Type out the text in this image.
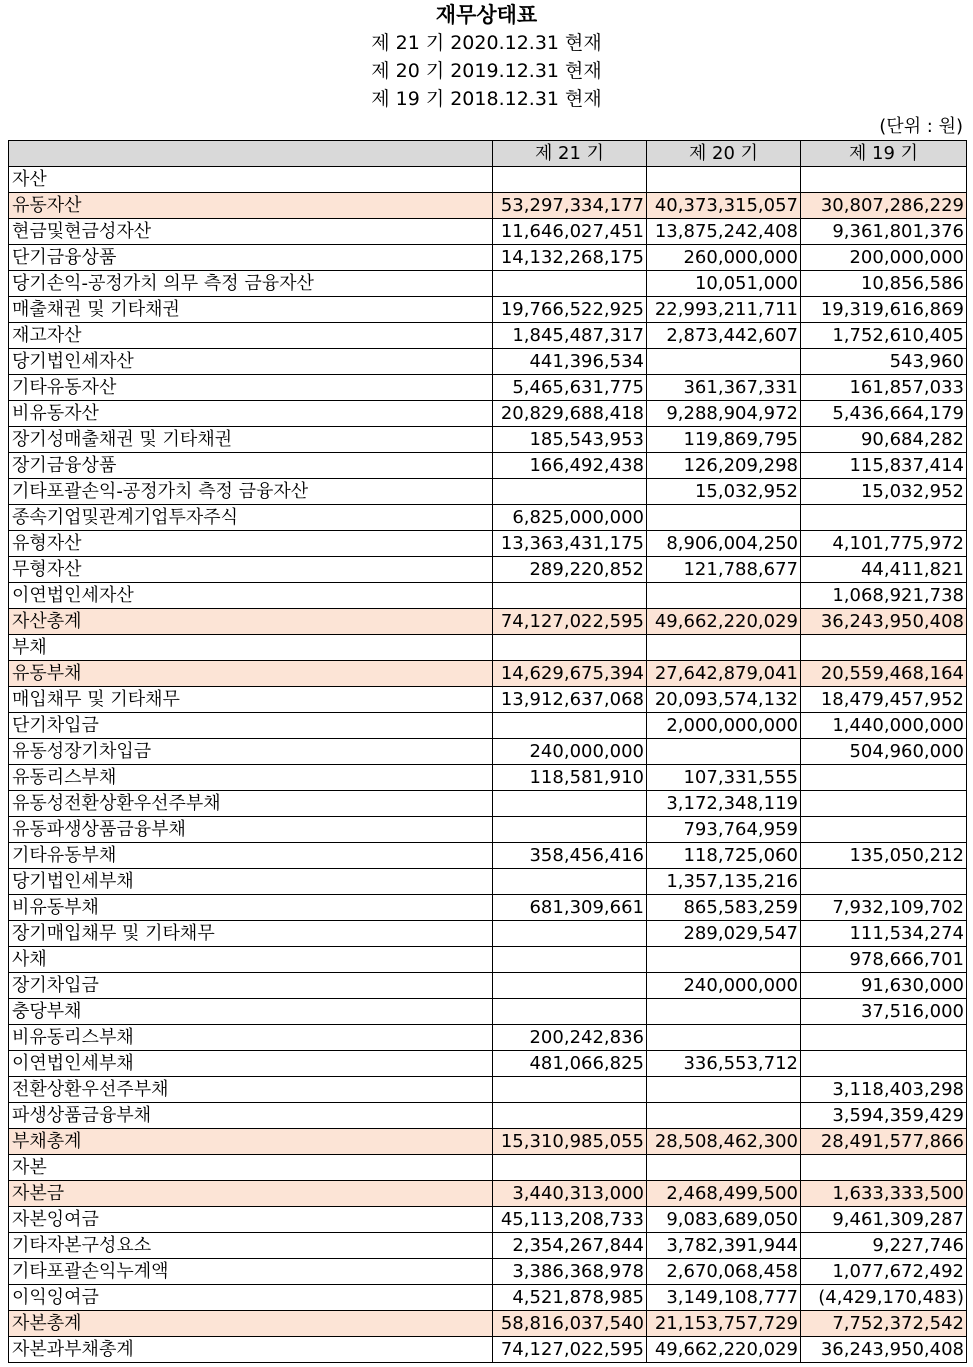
재무상태표
제 21 기 2020.12.31 현재
제 20 기 2019.12.31 현재
제 19 기 2018.12.31 현재
(단위 : 원)
	제 21 기	제 20 기	제 19 기
자산			
유동자산	53,297,334,177	40,373,315,057	30,807,286,229
현금및현금성자산	11,646,027,451	13,875,242,408	9,361,801,376
단기금융상품	14,132,268,175	260,000,000	200,000,000
당기손익-공정가치 의무 측정 금융자산		10,051,000	10,856,586
매출채권 및 기타채권	19,766,522,925	22,993,211,711	19,319,616,869
재고자산	1,845,487,317	2,873,442,607	1,752,610,405
당기법인세자산	441,396,534		543,960
기타유동자산	5,465,631,775	361,367,331	161,857,033
비유동자산	20,829,688,418	9,288,904,972	5,436,664,179
장기성매출채권 및 기타채권	185,543,953	119,869,795	90,684,282
장기금융상품	166,492,438	126,209,298	115,837,414
기타포괄손익-공정가치 측정 금융자산		15,032,952	15,032,952
종속기업및관계기업투자주식	6,825,000,000		
유형자산	13,363,431,175	8,906,004,250	4,101,775,972
무형자산	289,220,852	121,788,677	44,411,821
이연법인세자산			1,068,921,738
자산총계	74,127,022,595	49,662,220,029	36,243,950,408
부채			
유동부채	14,629,675,394	27,642,879,041	20,559,468,164
매입채무 및 기타채무	13,912,637,068	20,093,574,132	18,479,457,952
단기차입금		2,000,000,000	1,440,000,000
유동성장기차입금	240,000,000		504,960,000
유동리스부채	118,581,910	107,331,555	
유동성전환상환우선주부채		3,172,348,119	
유동파생상품금융부채		793,764,959	
기타유동부채	358,456,416	118,725,060	135,050,212
당기법인세부채		1,357,135,216	
비유동부채	681,309,661	865,583,259	7,932,109,702
장기매입채무 및 기타채무		289,029,547	111,534,274
사채			978,666,701
장기차입금		240,000,000	91,630,000
충당부채			37,516,000
비유동리스부채	200,242,836		
이연법인세부채	481,066,825	336,553,712	
전환상환우선주부채			3,118,403,298
파생상품금융부채			3,594,359,429
부채총계	15,310,985,055	28,508,462,300	28,491,577,866
자본			
자본금	3,440,313,000	2,468,499,500	1,633,333,500
자본잉여금	45,113,208,733	9,083,689,050	9,461,309,287
기타자본구성요소	2,354,267,844	3,782,391,944	9,227,746
기타포괄손익누계액	3,386,368,978	2,670,068,458	1,077,672,492
이익잉여금	4,521,878,985	3,149,108,777	(4,429,170,483)
자본총계	58,816,037,540	21,153,757,729	7,752,372,542
자본과부채총계	74,127,022,595	49,662,220,029	36,243,950,408
